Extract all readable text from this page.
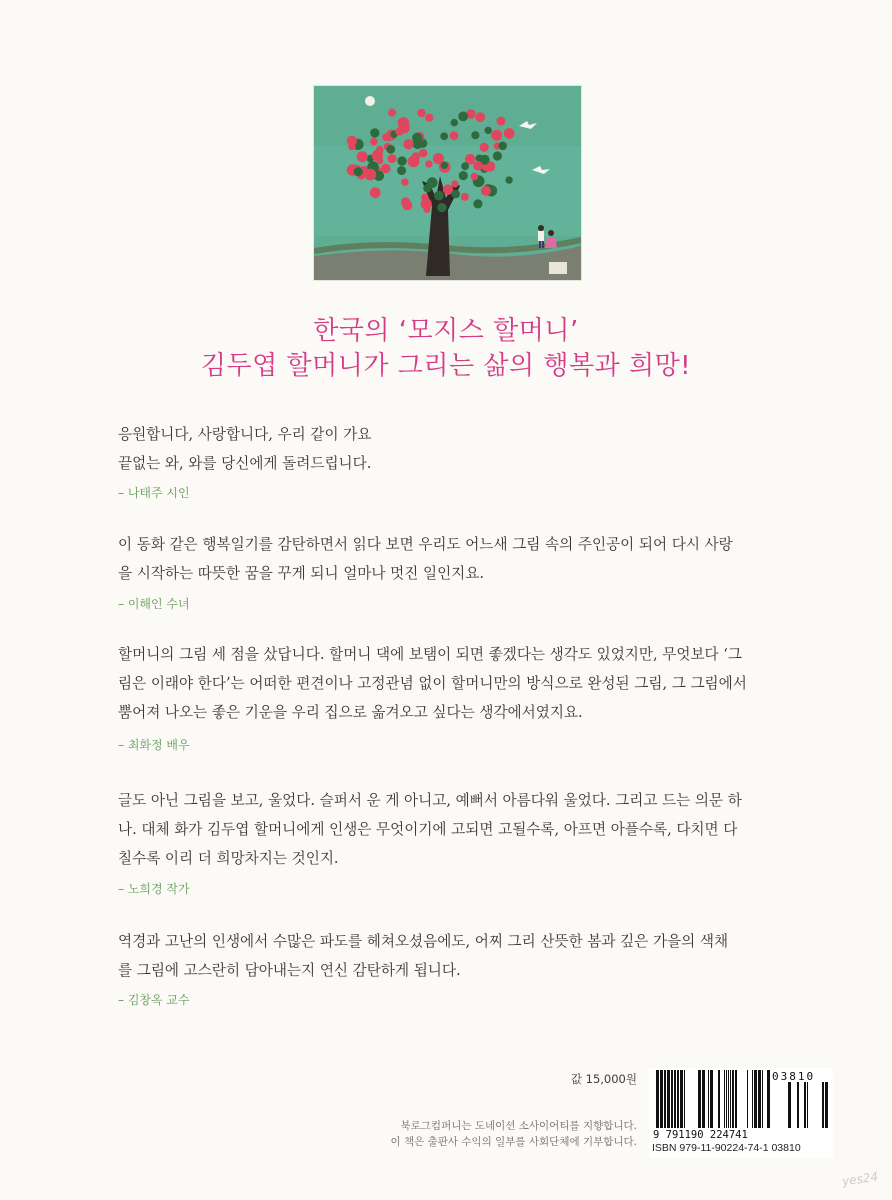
한국의 ‘모지스 할머니’
김두엽 할머니가 그리는 삶의 행복과 희망!

응원합니다, 사랑합니다, 우리 같이 가요

끝없는 와, 와를 당신에게 돌려드립니다.

– 나태주 시인

이 동화 같은 행복일기를 감탄하면서 읽다 보면 우리도 어느새 그림 속의 주인공이 되어 다시 사랑

을 시작하는 따뜻한 꿈을 꾸게 되니 얼마나 멋진 일인지요.

– 이해인 수녀

할머니의 그림 세 점을 샀답니다. 할머니 댁에 보탬이 되면 좋겠다는 생각도 있었지만, 무엇보다 ‘그

림은 이래야 한다’는 어떠한 편견이나 고정관념 없이 할머니만의 방식으로 완성된 그림, 그 그림에서

뿜어져 나오는 좋은 기운을 우리 집으로 옮겨오고 싶다는 생각에서였지요.

– 최화정 배우

글도 아닌 그림을 보고, 울었다. 슬퍼서 운 게 아니고, 예뻐서 아름다워 울었다. 그리고 드는 의문 하

나. 대체 화가 김두엽 할머니에게 인생은 무엇이기에 고되면 고될수록, 아프면 아플수록, 다치면 다

칠수록 이리 더 희망차지는 것인지.

– 노희경 작가

역경과 고난의 인생에서 수많은 파도를 헤쳐오셨음에도, 어찌 그리 산뜻한 봄과 깊은 가을의 색채

를 그림에 고스란히 담아내는지 연신 감탄하게 됩니다.

– 김창옥 교수
값 15,000원
북로그컴퍼니는 도네이션 소사이어티를 지향합니다.
이 책은 출판사 수익의 일부를 사회단체에 기부합니다.
9 791190 224741
03810
ISBN 979-11-90224-74-1 03810
yes24
